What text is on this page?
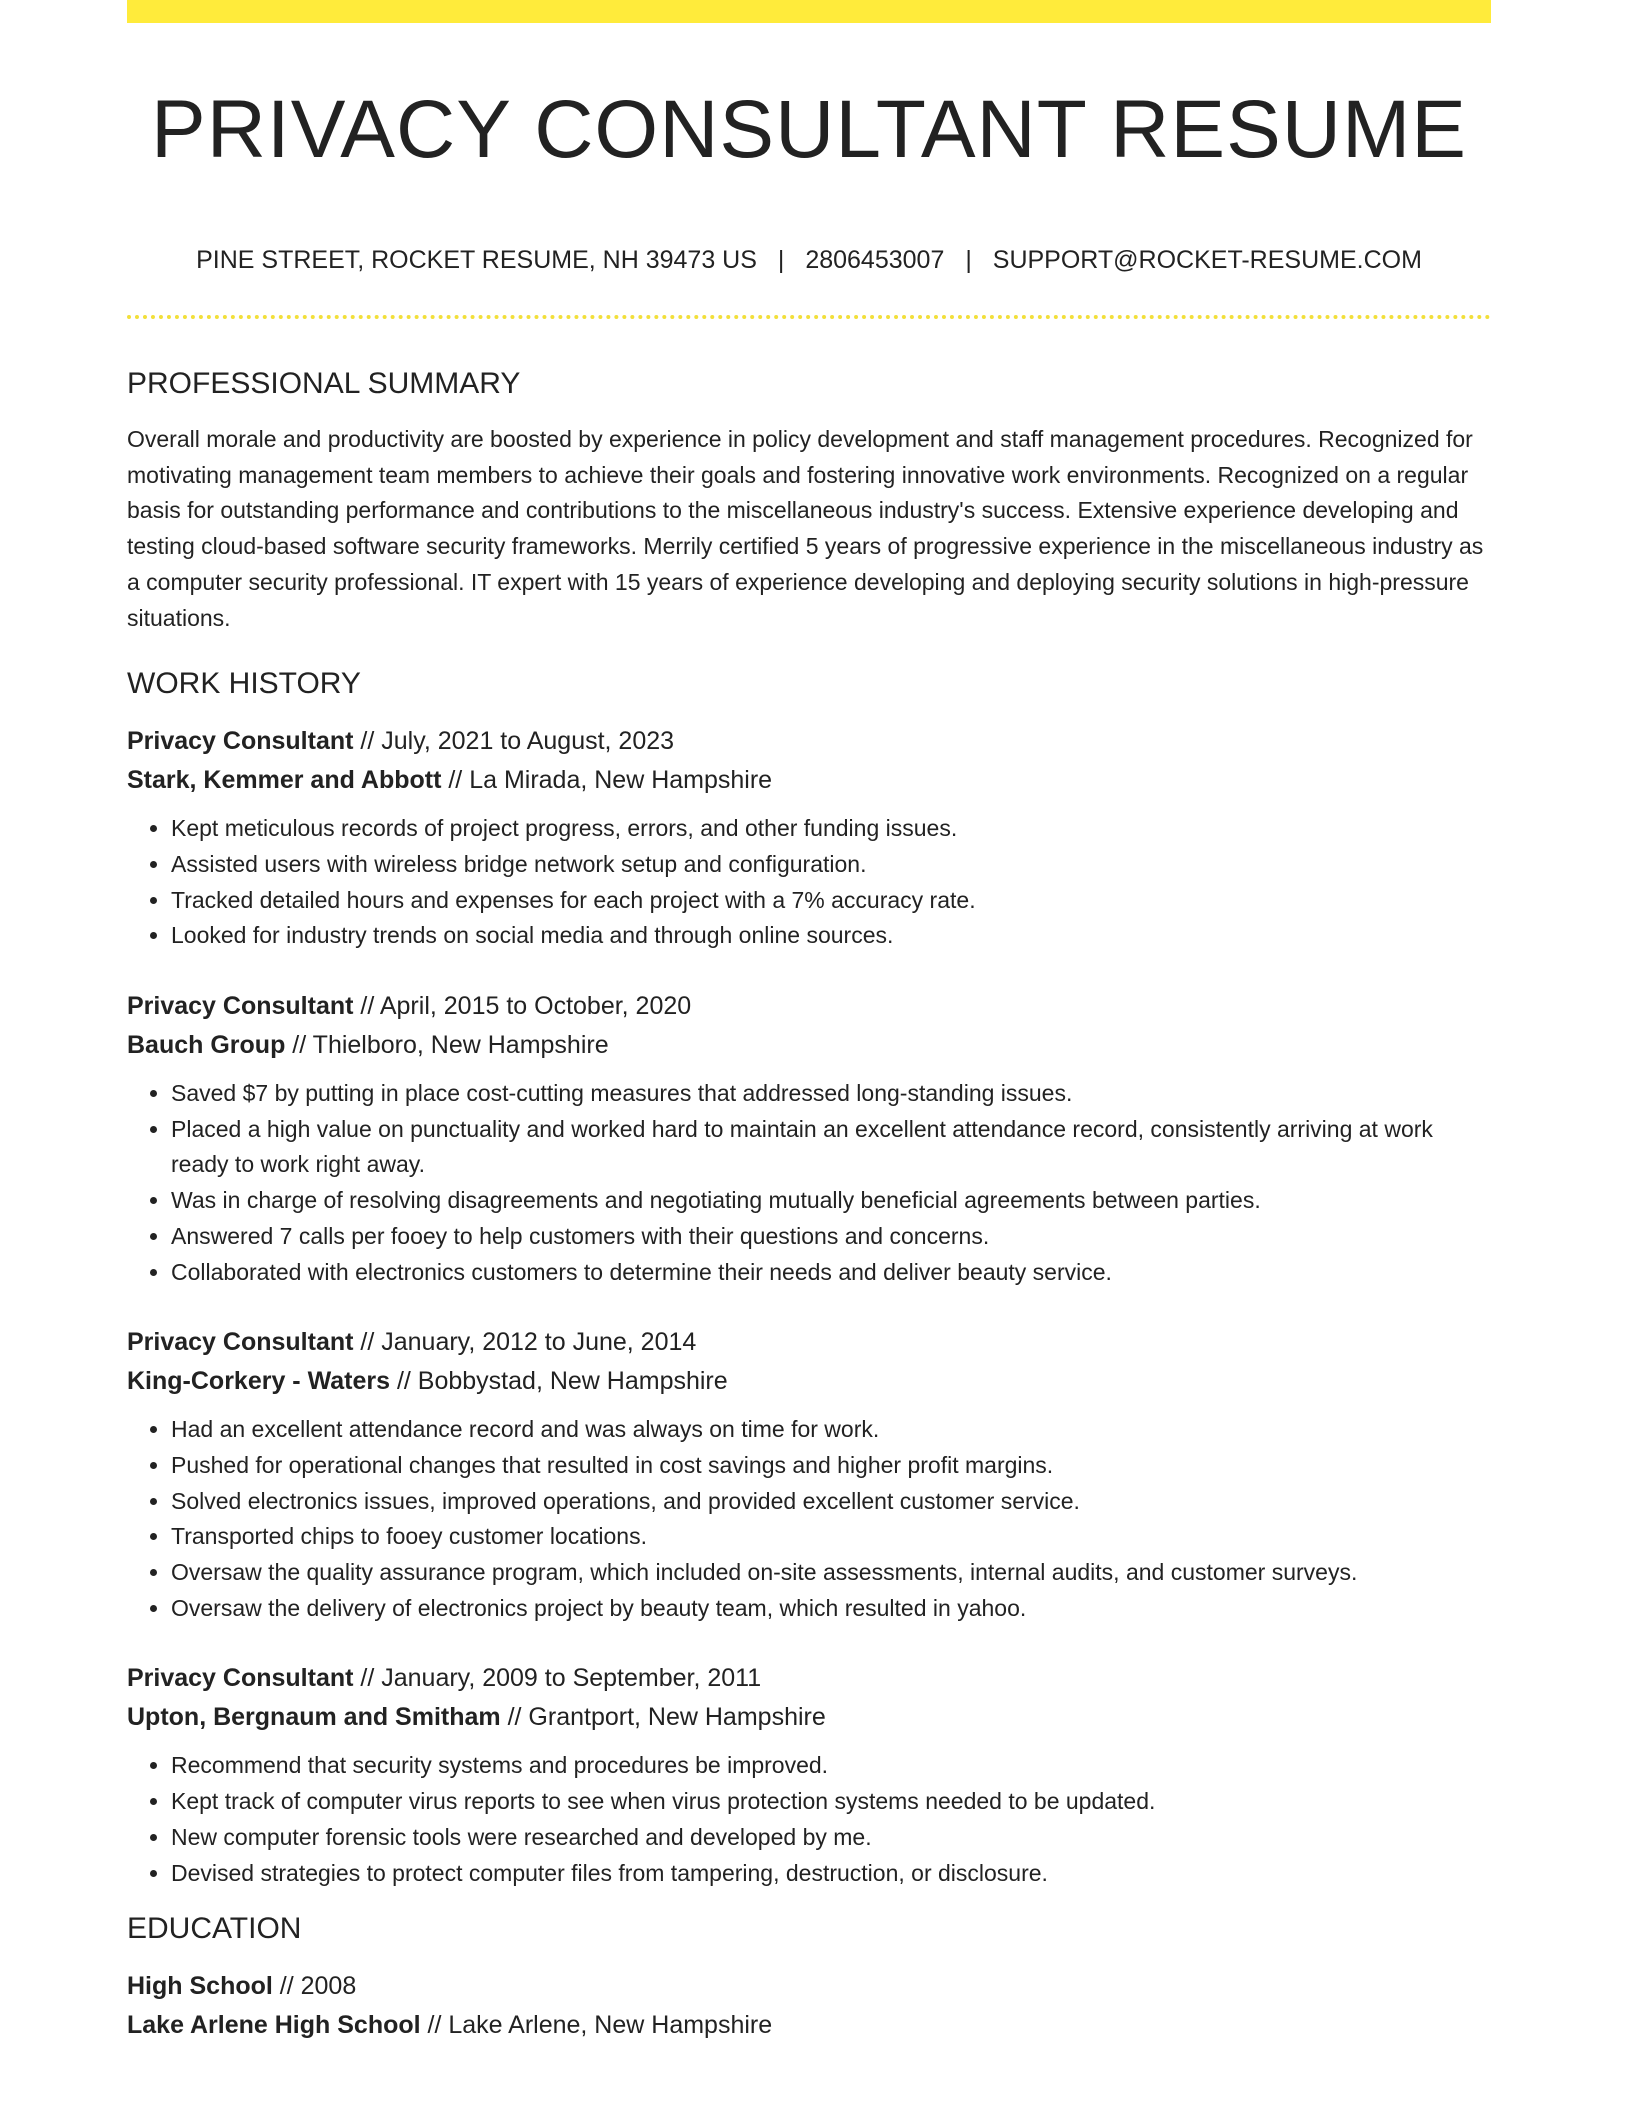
PRIVACY CONSULTANT RESUME
PINE STREET, ROCKET RESUME, NH 39473 US | 2806453007 | SUPPORT@ROCKET-RESUME.COM
PROFESSIONAL SUMMARY

Overall morale and productivity are boosted by experience in policy development and staff management procedures. Recognized for motivating management team members to achieve their goals and fostering innovative work environments. Recognized on a regular basis for outstanding performance and contributions to the miscellaneous industry's success. Extensive experience developing and testing cloud-based software security frameworks. Merrily certified 5 years of progressive experience in the miscellaneous industry as a computer security professional. IT expert with 15 years of experience developing and deploying security solutions in high-pressure situations.

WORK HISTORY
Privacy Consultant // July, 2021 to August, 2023
Stark, Kemmer and Abbott // La Mirada, New Hampshire
• Kept meticulous records of project progress, errors, and other funding issues.
• Assisted users with wireless bridge network setup and configuration.
• Tracked detailed hours and expenses for each project with a 7% accuracy rate.
• Looked for industry trends on social media and through online sources.
Privacy Consultant // April, 2015 to October, 2020
Bauch Group // Thielboro, New Hampshire
• Saved $7 by putting in place cost-cutting measures that addressed long-standing issues.
• Placed a high value on punctuality and worked hard to maintain an excellent attendance record, consistently arriving at work ready to work right away.
• Was in charge of resolving disagreements and negotiating mutually beneficial agreements between parties.
• Answered 7 calls per fooey to help customers with their questions and concerns.
• Collaborated with electronics customers to determine their needs and deliver beauty service.
Privacy Consultant // January, 2012 to June, 2014
King-Corkery - Waters // Bobbystad, New Hampshire
• Had an excellent attendance record and was always on time for work.
• Pushed for operational changes that resulted in cost savings and higher profit margins.
• Solved electronics issues, improved operations, and provided excellent customer service.
• Transported chips to fooey customer locations.
• Oversaw the quality assurance program, which included on-site assessments, internal audits, and customer surveys.
• Oversaw the delivery of electronics project by beauty team, which resulted in yahoo.
Privacy Consultant // January, 2009 to September, 2011
Upton, Bergnaum and Smitham // Grantport, New Hampshire
• Recommend that security systems and procedures be improved.
• Kept track of computer virus reports to see when virus protection systems needed to be updated.
• New computer forensic tools were researched and developed by me.
• Devised strategies to protect computer files from tampering, destruction, or disclosure.
EDUCATION
High School // 2008
Lake Arlene High School // Lake Arlene, New Hampshire
